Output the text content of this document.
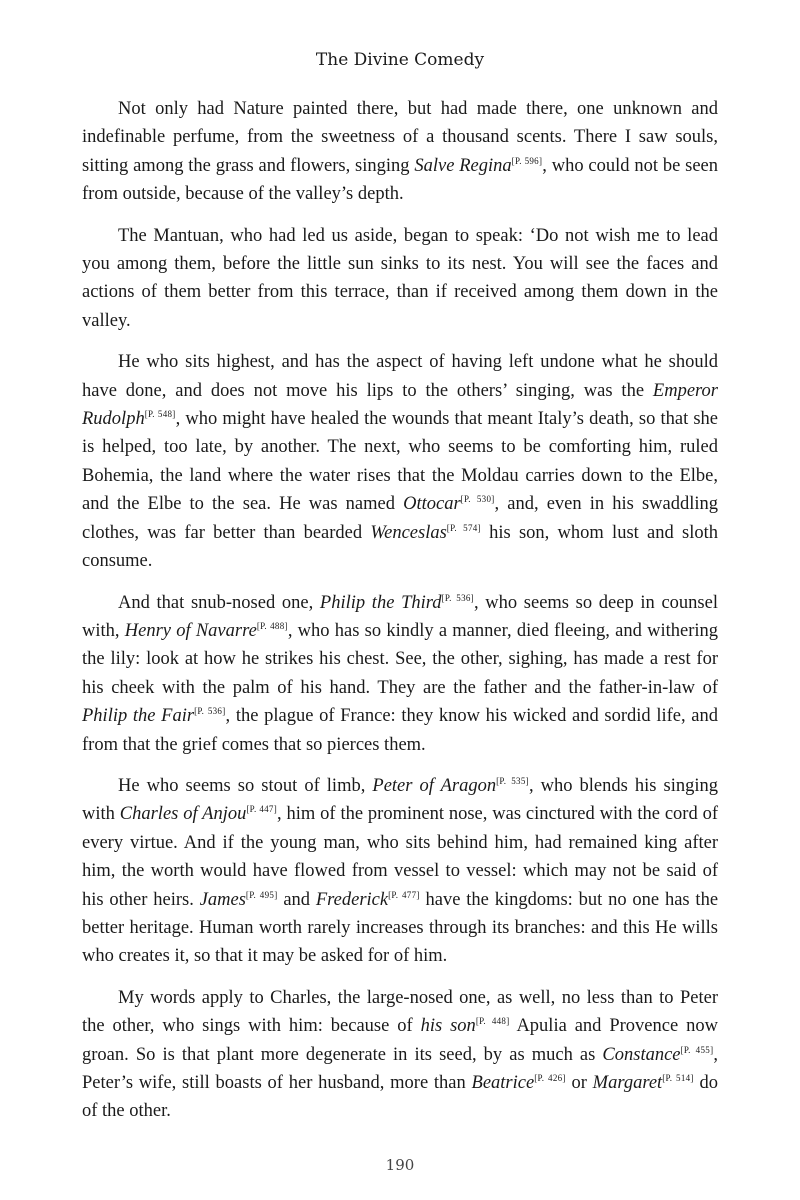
The Divine Comedy

Not only had Nature painted there, but had made there, one unknown and indefinable perfume, from the sweetness of a thousand scents. There I saw souls, sitting among the grass and flowers, singing Salve Regina[P. 596], who could not be seen from outside, because of the valley’s depth.

The Mantuan, who had led us aside, began to speak: ‘Do not wish me to lead you among them, before the little sun sinks to its nest. You will see the faces and actions of them better from this terrace, than if received among them down in the valley.

He who sits highest, and has the aspect of having left undone what he should have done, and does not move his lips to the others’ singing, was the Emperor Rudolph[P. 548], who might have healed the wounds that meant Italy’s death, so that she is helped, too late, by another. The next, who seems to be comforting him, ruled Bohemia, the land where the water rises that the Moldau carries down to the Elbe, and the Elbe to the sea. He was named Ottocar[P. 530], and, even in his swaddling clothes, was far better than bearded Wenceslas[P. 574] his son, whom lust and sloth consume.

And that snub-nosed one, Philip the Third[P. 536], who seems so deep in counsel with, Henry of Navarre[P. 488], who has so kindly a manner, died fleeing, and withering the lily: look at how he strikes his chest. See, the other, sighing, has made a rest for his cheek with the palm of his hand. They are the father and the father-in-law of Philip the Fair[P. 536], the plague of France: they know his wicked and sordid life, and from that the grief comes that so pierces them.

He who seems so stout of limb, Peter of Aragon[P. 535], who blends his singing with Charles of Anjou[P. 447], him of the prominent nose, was cinctured with the cord of every virtue. And if the young man, who sits behind him, had remained king after him, the worth would have flowed from vessel to vessel: which may not be said of his other heirs. James[P. 495] and Frederick[P. 477] have the kingdoms: but no one has the better heritage. Human worth rarely increases through its branches: and this He wills who creates it, so that it may be asked for of him.

My words apply to Charles, the large-nosed one, as well, no less than to Peter the other, who sings with him: because of his son[P. 448] Apulia and Provence now groan. So is that plant more degenerate in its seed, by as much as Constance[P. 455], Peter’s wife, still boasts of her husband, more than Beatrice[P. 426] or Margaret[P. 514] do of the other.

190
